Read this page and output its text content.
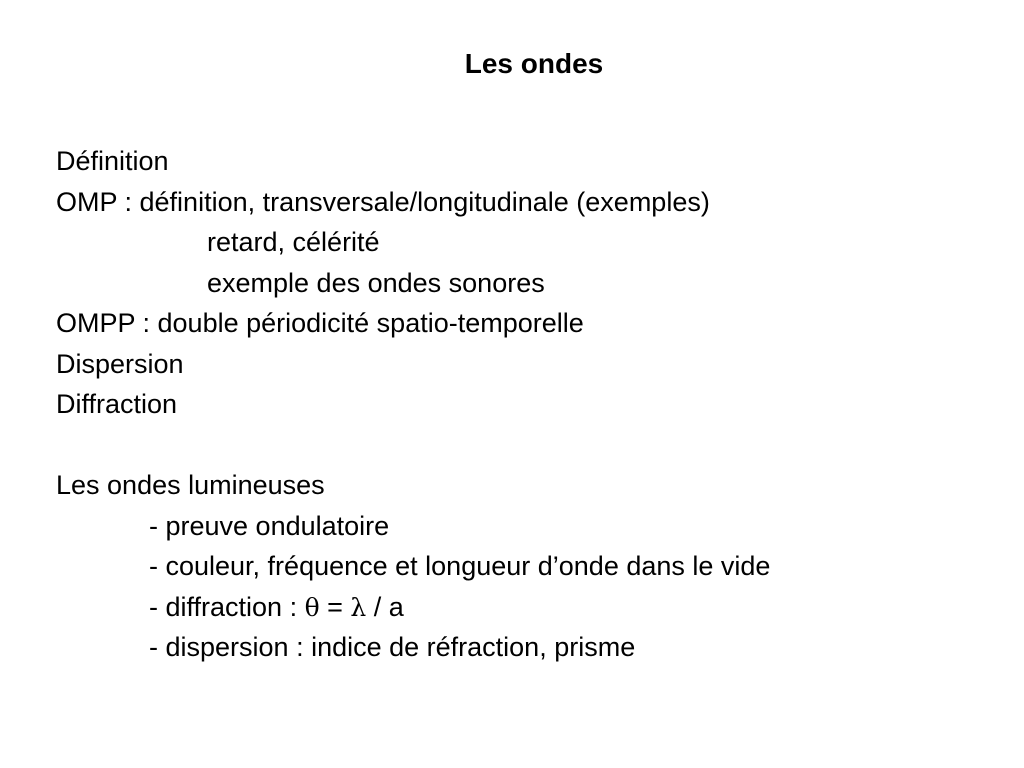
Les ondes
Définition
OMP : définition, transversale/longitudinale (exemples)
retard, célérité
exemple des ondes sonores
OMPP : double périodicité spatio-temporelle
Dispersion
Diffraction
Les ondes lumineuses
- preuve ondulatoire
- couleur, fréquence et longueur d’onde dans le vide
- diffraction : θ = λ / a
- dispersion : indice de réfraction, prisme
